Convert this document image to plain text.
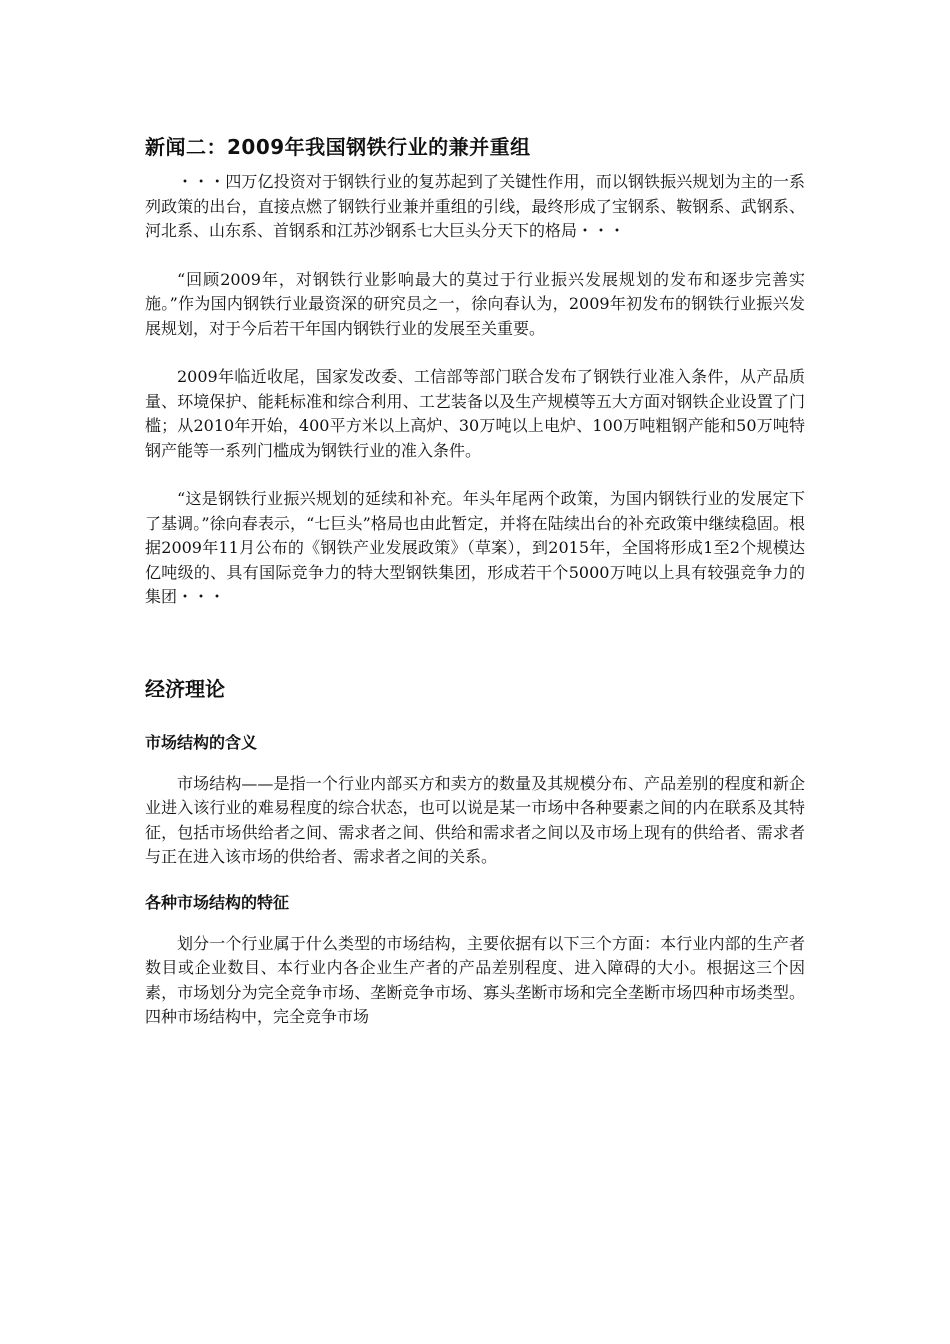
新闻二：2009年我国钢铁行业的兼并重组

・・・四万亿投资对于钢铁行业的复苏起到了关键性作用，而以钢铁振兴规划为主的一系列政策的出台，直接点燃了钢铁行业兼并重组的引线，最终形成了宝钢系、鞍钢系、武钢系、河北系、山东系、首钢系和江苏沙钢系七大巨头分天下的格局・・・

“回顾2009年，对钢铁行业影响最大的莫过于行业振兴发展规划的发布和逐步完善实施。”作为国内钢铁行业最资深的研究员之一，徐向春认为，2009年初发布的钢铁行业振兴发展规划，对于今后若干年国内钢铁行业的发展至关重要。

2009年临近收尾，国家发改委、工信部等部门联合发布了钢铁行业准入条件，从产品质量、环境保护、能耗标准和综合利用、工艺装备以及生产规模等五大方面对钢铁企业设置了门槛；从2010年开始，400平方米以上高炉、30万吨以上电炉、100万吨粗钢产能和50万吨特钢产能等一系列门槛成为钢铁行业的准入条件。

“这是钢铁行业振兴规划的延续和补充。年头年尾两个政策，为国内钢铁行业的发展定下了基调。”徐向春表示，“七巨头”格局也由此暂定，并将在陆续出台的补充政策中继续稳固。根据2009年11月公布的《钢铁产业发展政策》（草案），到2015年，全国将形成1至2个规模达亿吨级的、具有国际竞争力的特大型钢铁集团，形成若干个5000万吨以上具有较强竞争力的集团・・・

经济理论
市场结构的含义

市场结构——是指一个行业内部买方和卖方的数量及其规模分布、产品差别的程度和新企业进入该行业的难易程度的综合状态，也可以说是某一市场中各种要素之间的内在联系及其特征，包括市场供给者之间、需求者之间、供给和需求者之间以及市场上现有的供给者、需求者与正在进入该市场的供给者、需求者之间的关系。

各种市场结构的特征

划分一个行业属于什么类型的市场结构，主要依据有以下三个方面：本行业内部的生产者数目或企业数目、本行业内各企业生产者的产品差别程度、进入障碍的大小。根据这三个因素，市场划分为完全竞争市场、垄断竞争市场、寡头垄断市场和完全垄断市场四种市场类型。四种市场结构中，完全竞争市场
